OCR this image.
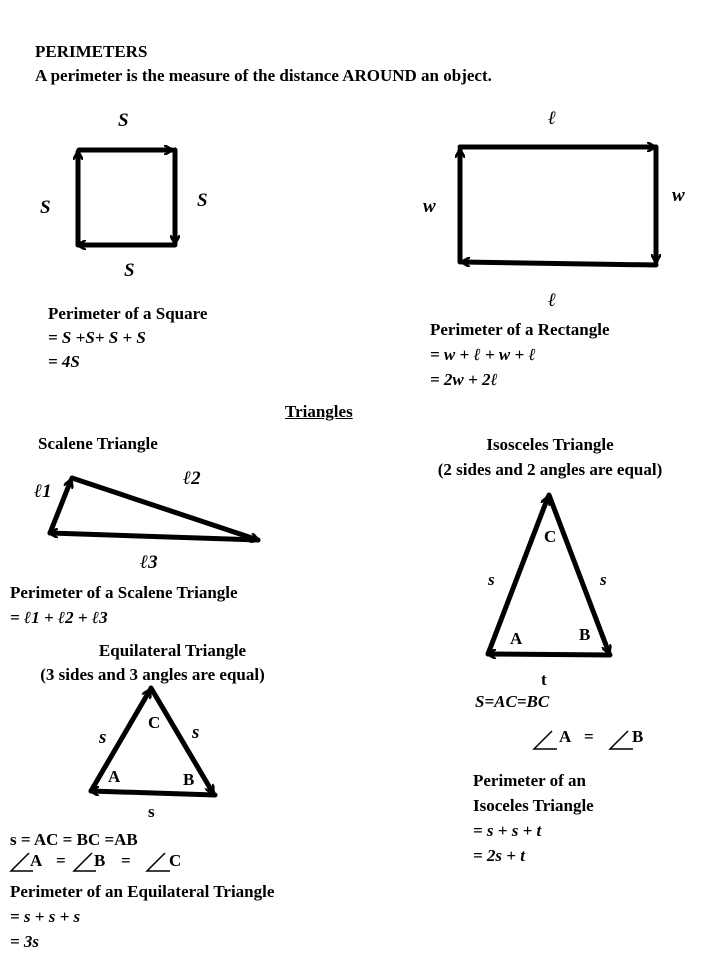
PERIMETERS
A perimeter is the measure of the distance AROUND an object.
S
S	S
S
Perimeter of a Square
= S +S+ S + S
= 4S
ℓ
w
w
ℓ
Perimeter of a Rectangle
= w + ℓ + w + ℓ
= 2w + 2ℓ
Triangles
Scalene Triangle
ℓ1
ℓ2
ℓ3
Perimeter of a Scalene Triangle
= ℓ1 + ℓ2 + ℓ3
Isosceles Triangle
(2 sides and 2 angles are equal)
C
s	s
A	B
t
S=AC=BC
A = B
Perimeter of an
Isoceles Triangle
= s + s + t
= 2s + t
Equilateral Triangle
(3 sides and 3 angles are equal)
C
s	s
A	B
s
s = AC = BC =AB
A = B = C
Perimeter of an Equilateral Triangle
= s + s + s
= 3s
